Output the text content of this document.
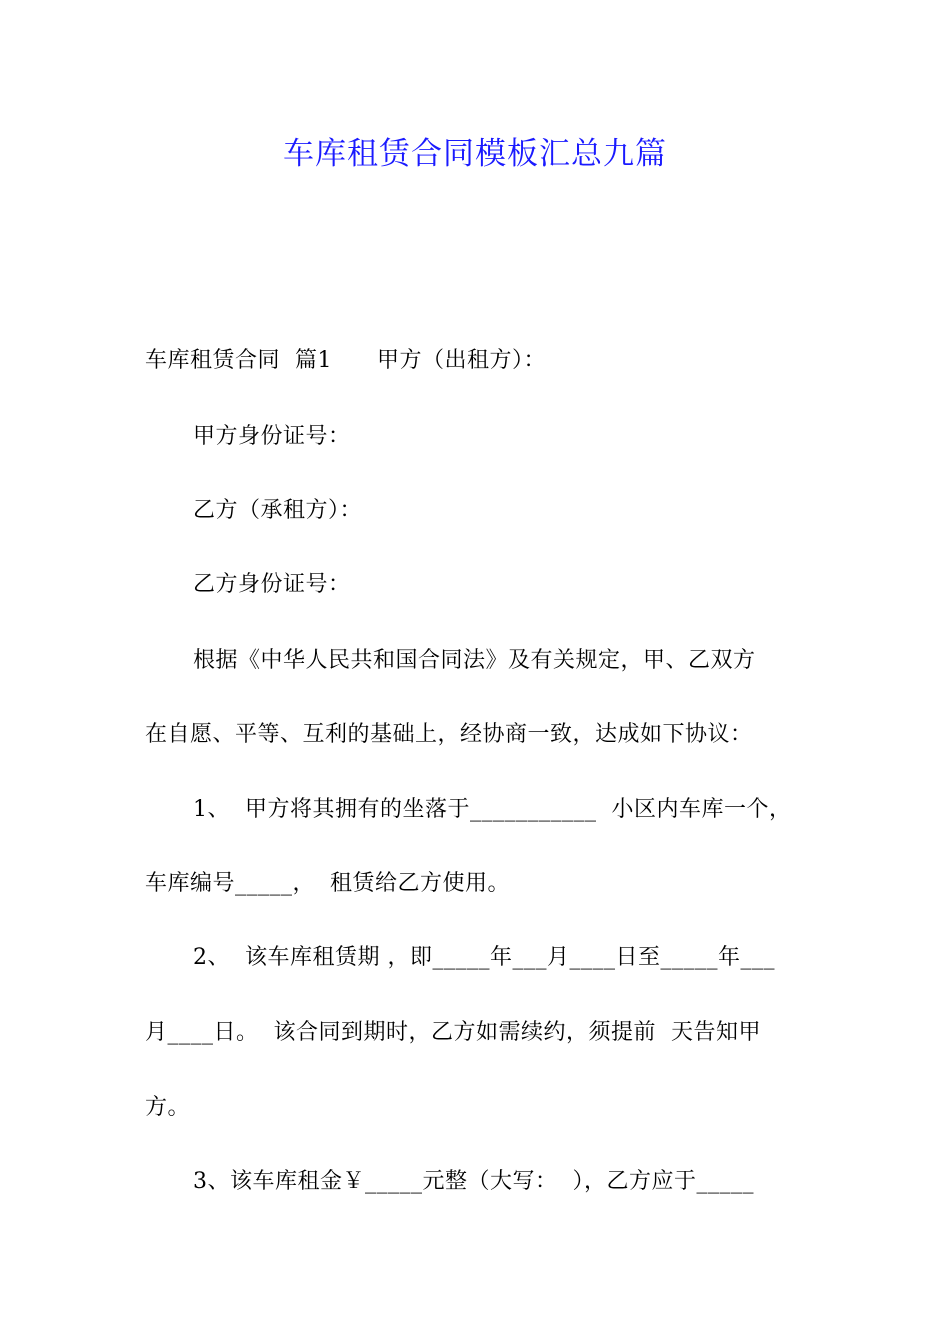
车库租赁合同模板汇总九篇
车库租赁合同  篇1      甲方（出租方）：
甲方身份证号：
乙方（承租方）：
乙方身份证号：
根据《中华人民共和国合同法》及有关规定，甲、乙双方
在自愿、平等、互利的基础上，经协商一致，达成如下协议：
1、  甲方将其拥有的坐落于___________  小区内车库一个，
车库编号_____，  租赁给乙方使用。
2、  该车库租赁期 ，即_____年___月____日至_____年___
月____日。  该合同到期时，乙方如需续约，须提前  天告知甲
方。
3、该车库租金￥_____元整（大写：  ），乙方应于_____
